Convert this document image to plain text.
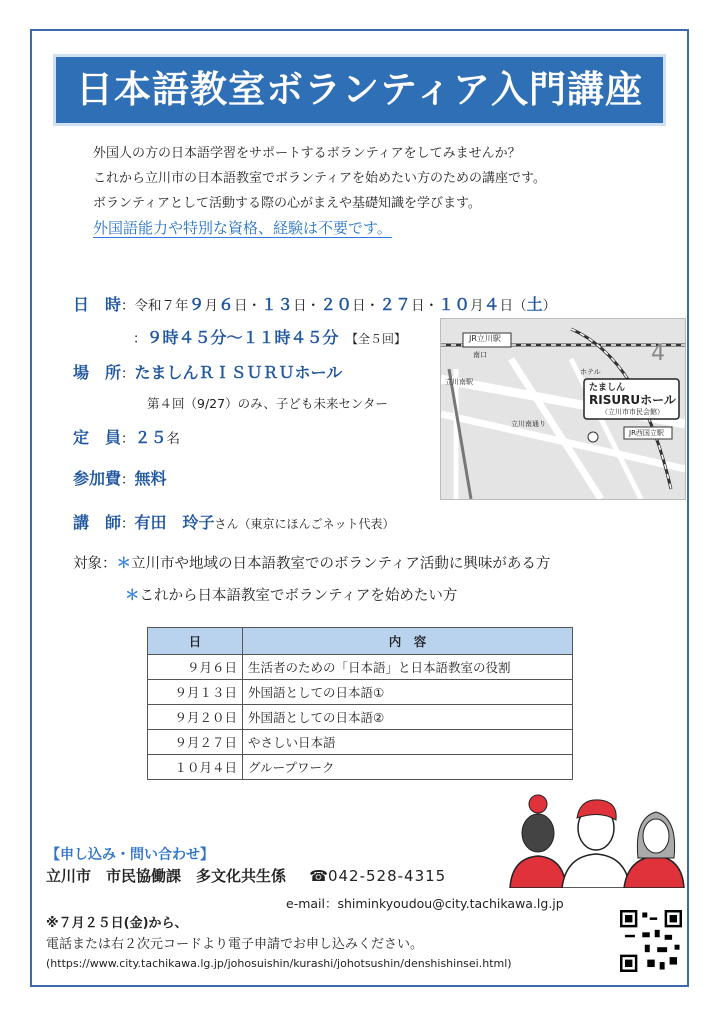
日本語教室ボランティア入門講座
外国人の方の日本語学習をサポートするボランティアをしてみませんか？
これから立川市の日本語教室でボランティアを始めたい方のための講座です。
ボランティアとして活動する際の心がまえや基礎知識を学びます。
外国語能力や特別な資格、経験は不要です。
日　時：令和７年９月６日・１３日・２０日・２７日・１０月４日（土）
：９時４５分～１１時４５分　 【全５回】
場　所：たましんＲＩＳＵＲＵホール
第４回（9/27）のみ、子ども未来センター
定　員：２５名
参加費：無料
講　師：有田　玲子さん（東京にほんごネット代表）
JR立川駅
南口
立川南駅
ホテル
4
たましん
RISURUホール
（立川市市民会館）
JR西国立駅
立川南通り
対象：＊立川市や地域の日本語教室でのボランティア活動に興味がある方
＊これから日本語教室でボランティアを始めたい方
日	内　容
９月６日	生活者のための「日本語」と日本語教室の役割
９月１３日	外国語としての日本語①
９月２０日	外国語としての日本語②
９月２７日	やさしい日本語
１０月４日	グループワーク
【申し込み・問い合わせ】
立川市　市民協働課　多文化共生係 ☎042-528-4315
e-mail：shiminkyoudou@city.tachikawa.lg.jp
※７月２５日(金)から、
電話または右２次元コードより電子申請でお申し込みください。
(https://www.city.tachikawa.lg.jp/johosuishin/kurashi/johotsushin/denshishinsei.html)
